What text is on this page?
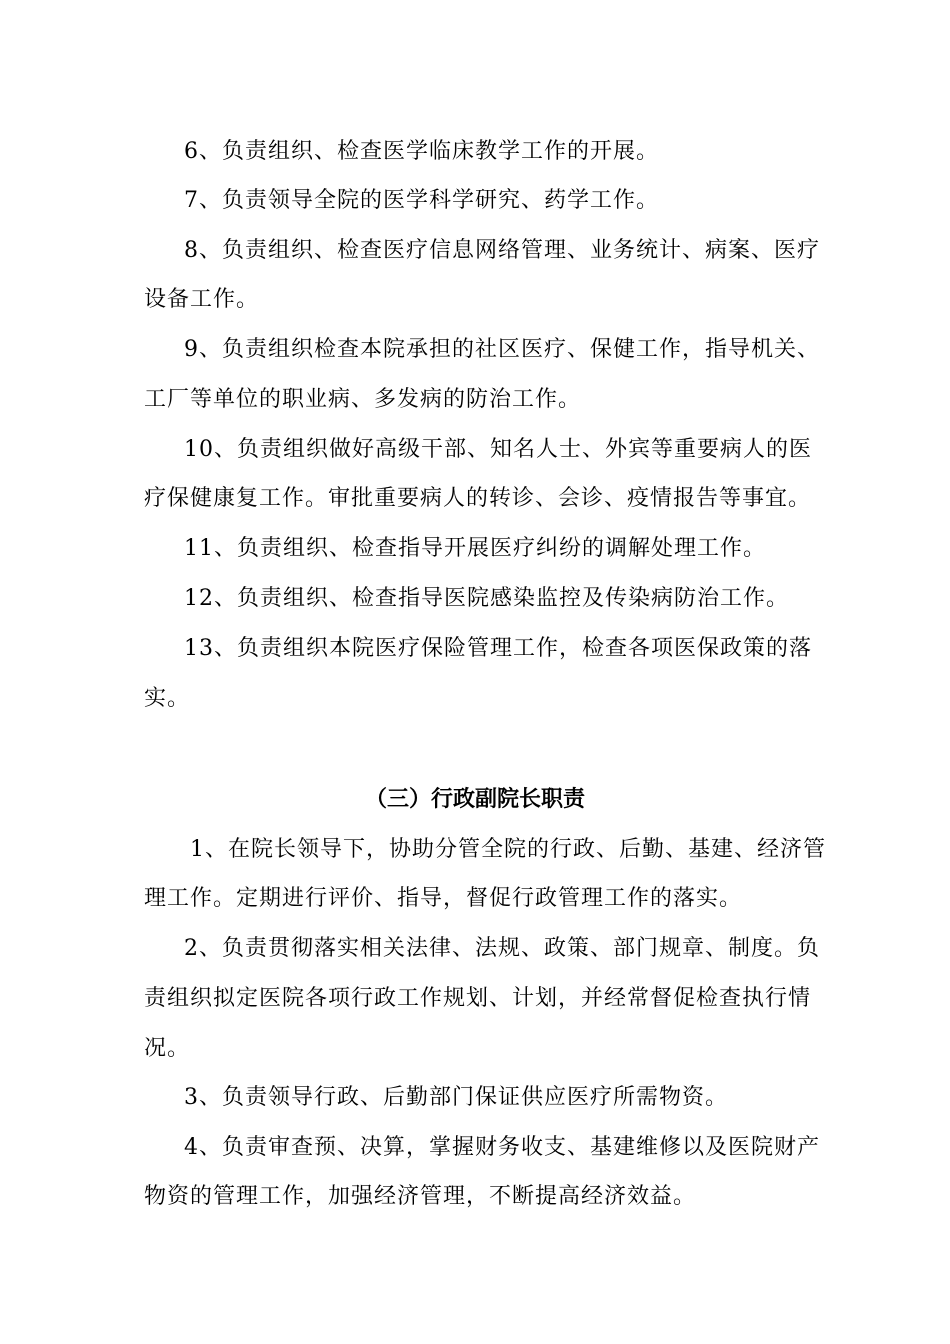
6、负责组织、检查医学临床教学工作的开展。
7、负责领导全院的医学科学研究、药学工作。
8、负责组织、检查医疗信息网络管理、业务统计、病案、医疗
设备工作。
9、负责组织检查本院承担的社区医疗、保健工作，指导机关、
工厂等单位的职业病、多发病的防治工作。
10、负责组织做好高级干部、知名人士、外宾等重要病人的医
疗保健康复工作。审批重要病人的转诊、会诊、疫情报告等事宜。
11、负责组织、检查指导开展医疗纠纷的调解处理工作。
12、负责组织、检查指导医院感染监控及传染病防治工作。
13、负责组织本院医疗保险管理工作，检查各项医保政策的落
实。
（三）行政副院长职责
1、在院长领导下，协助分管全院的行政、后勤、基建、经济管
理工作。定期进行评价、指导，督促行政管理工作的落实。
2、负责贯彻落实相关法律、法规、政策、部门规章、制度。负
责组织拟定医院各项行政工作规划、计划，并经常督促检查执行情
况。
3、负责领导行政、后勤部门保证供应医疗所需物资。
4、负责审查预、决算，掌握财务收支、基建维修以及医院财产
物资的管理工作，加强经济管理，不断提高经济效益。
